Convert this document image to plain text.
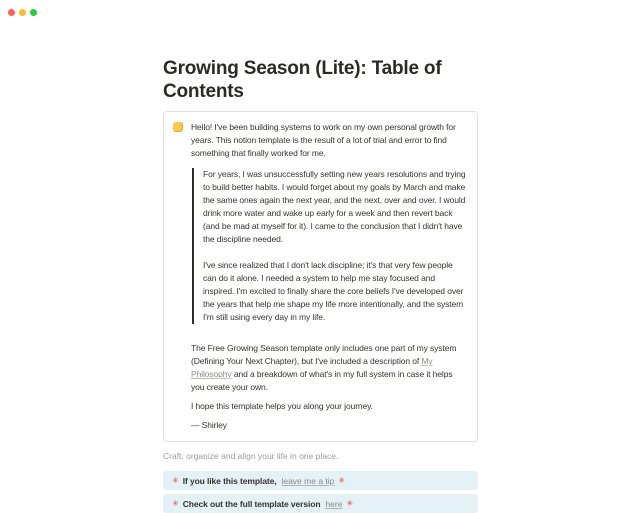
Growing Season (Lite): Table of Contents

Hello! I've been building systems to work on my own personal growth for years. This notion template is the result of a lot of trial and error to find something that finally worked for me.

For years, I was unsuccessfully setting new years resolutions and trying to build better habits. I would forget about my goals by March and make the same ones again the next year, and the next, over and over. I would drink more water and wake up early for a week and then revert back (and be mad at myself for it). I came to the conclusion that I didn't have the discipline needed.

I've since realized that I don't lack discipline; it's that very few people can do it alone. I needed a system to help me stay focused and inspired. I'm excited to finally share the core beliefs I've developed over the years that help me shape my life more intentionally, and the system I'm still using every day in my life.

The Free Growing Season template only includes one part of my system (Defining Your Next Chapter), but I've included a description of My Philosophy and a breakdown of what's in my full system in case it helps you create your own.

I hope this template helps you along your journey.

— Shirley

Craft, organize and align your life in one place.

✳ If you like this template, leave me a tip ✳
✳ Check out the full template version here ✳
